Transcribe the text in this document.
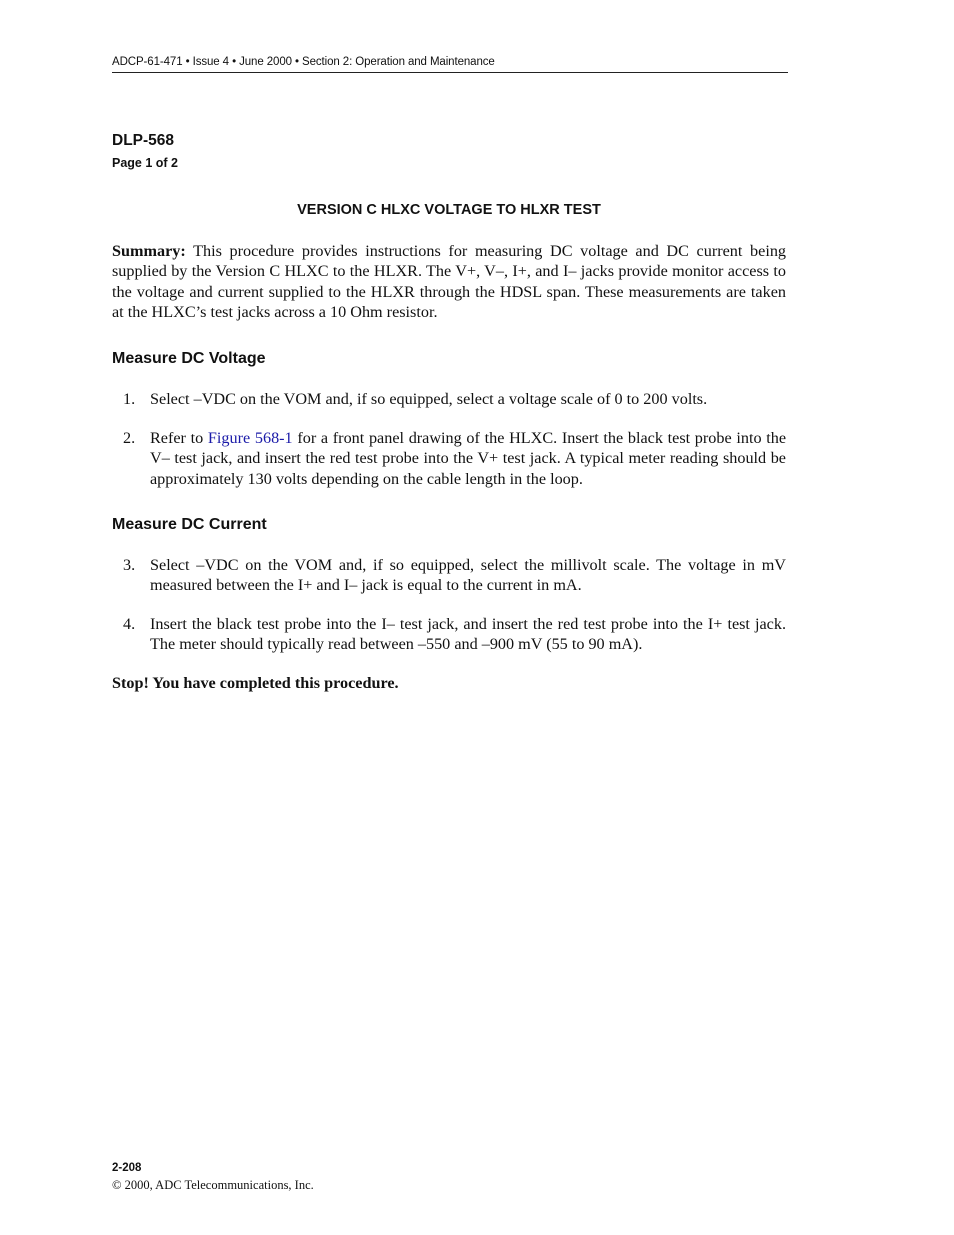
ADCP-61-471 • Issue 4 • June 2000 • Section 2: Operation and Maintenance
DLP-568
Page 1 of 2
VERSION C HLXC VOLTAGE TO HLXR TEST
Summary: This procedure provides instructions for measuring DC voltage and DC current being supplied by the Version C HLXC to the HLXR. The V+, V–, I+, and I– jacks provide monitor access to the voltage and current supplied to the HLXR through the HDSL span. These measurements are taken at the HLXC’s test jacks across a 10 Ohm resistor.
Measure DC Voltage
1. Select –VDC on the VOM and, if so equipped, select a voltage scale of 0 to 200 volts.
2. Refer to Figure 568-1 for a front panel drawing of the HLXC. Insert the black test probe into the V– test jack, and insert the red test probe into the V+ test jack. A typical meter reading should be approximately 130 volts depending on the cable length in the loop.
Measure DC Current
3. Select –VDC on the VOM and, if so equipped, select the millivolt scale. The voltage in mV measured between the I+ and I– jack is equal to the current in mA.
4. Insert the black test probe into the I– test jack, and insert the red test probe into the I+ test jack. The meter should typically read between –550 and –900 mV (55 to 90 mA).
Stop! You have completed this procedure.
2-208
© 2000, ADC Telecommunications, Inc.
